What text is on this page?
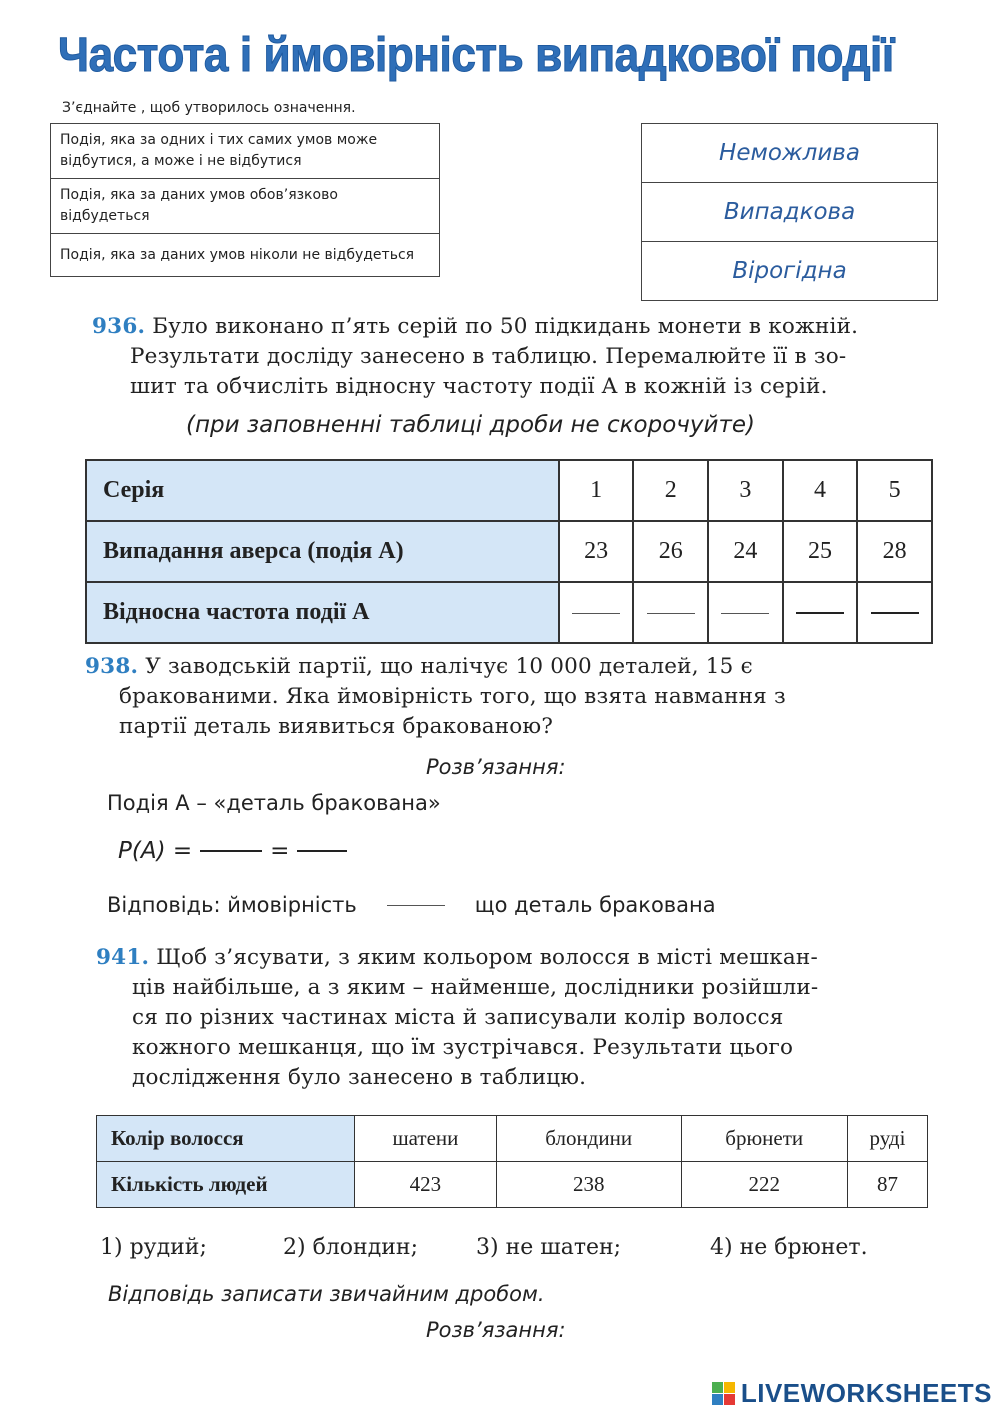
Частота і ймовірність випадкової події
З’єднайте , щоб утворилось означення.
Подія, яка за одних і тих самих умов може відбутися, а може і не відбутися
Подія, яка за даних умов обов’язково відбудеться
Подія, яка за даних умов ніколи не відбудеться
Неможлива
Випадкова
Вірогідна
936. Було виконано п’ять серій по 50 підкидань монети в кожній.
Результати досліду занесено в таблицю. Перемалюйте її в зо-
шит та обчисліть відносну частоту події A в кожній із серій.
(при заповненні таблиці дроби не скорочуйте)
Серія	1	2	3	4	5
Випадання аверса (подія A)	23	26	24	25	28
Відносна частота події A					
938. У заводській партії, що налічує 10 000 деталей, 15 є
бракованими. Яка ймовірність того, що взята навмання з
партії деталь виявиться бракованою?
Розв’язання:
Подія A – «деталь бракована»
P(A) =	=
Відповідь: ймовірність	що деталь бракована
941. Щоб з’ясувати, з яким кольором волосся в місті мешкан-
ців найбільше, а з яким – найменше, дослідники розійшли-
ся по різних частинах міста й записували колір волосся
кожного мешканця, що їм зустрічався. Результати цього
дослідження було занесено в таблицю.
Колір волосся	шатени	блондини	брюнети	руді
Кількість людей	423	238	222	87
1) рудий;	2) блондин;	3) не шатен;	4) не брюнет.
Відповідь записати звичайним дробом.
Розв’язання:
LIVEWORKSHEETS
